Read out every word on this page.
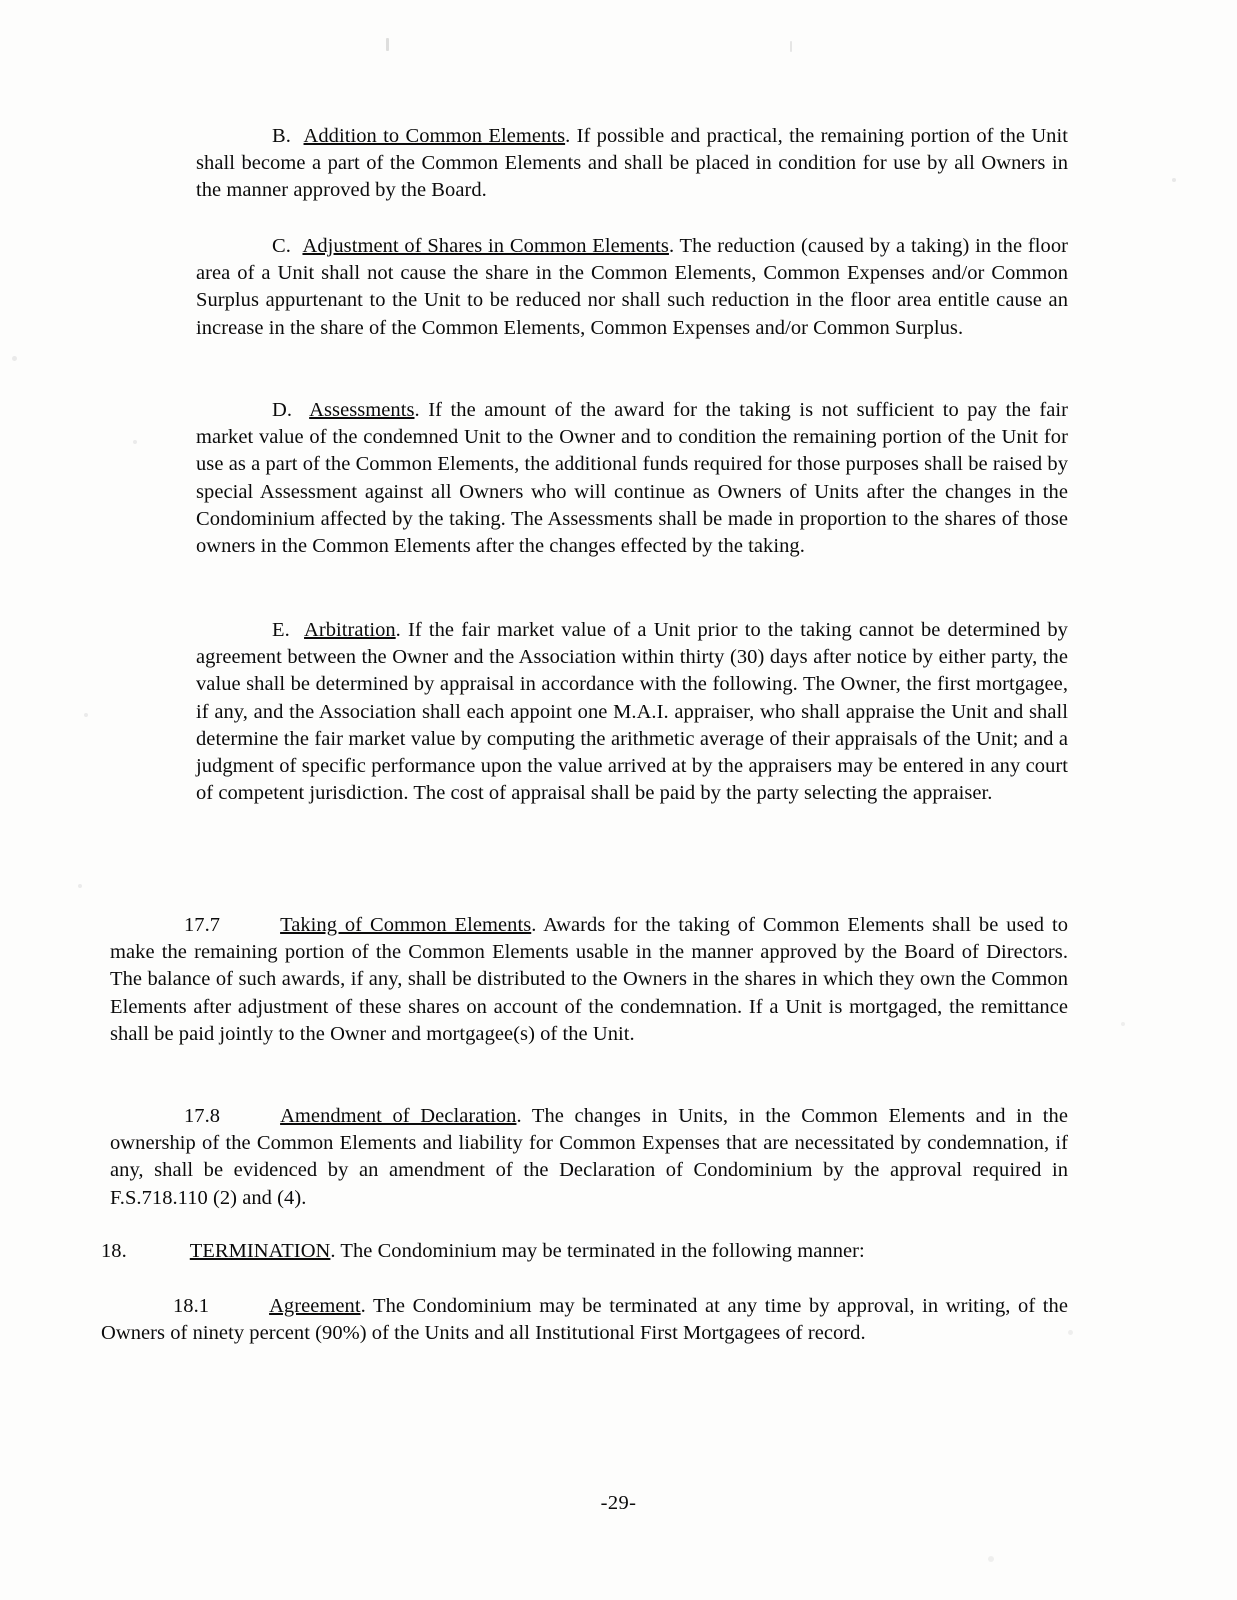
B. Addition to Common Elements. If possible and practical, the remaining portion of the Unit shall become a part of the Common Elements and shall be placed in condition for use by all Owners in the manner approved by the Board.
C. Adjustment of Shares in Common Elements. The reduction (caused by a taking) in the floor area of a Unit shall not cause the share in the Common Elements, Common Expenses and/or Common Surplus appurtenant to the Unit to be reduced nor shall such reduction in the floor area entitle cause an increase in the share of the Common Elements, Common Expenses and/or Common Surplus.
D. Assessments. If the amount of the award for the taking is not sufficient to pay the fair market value of the condemned Unit to the Owner and to condition the remaining portion of the Unit for use as a part of the Common Elements, the additional funds required for those purposes shall be raised by special Assessment against all Owners who will continue as Owners of Units after the changes in the Condominium affected by the taking. The Assessments shall be made in proportion to the shares of those owners in the Common Elements after the changes effected by the taking.
E. Arbitration. If the fair market value of a Unit prior to the taking cannot be determined by agreement between the Owner and the Association within thirty (30) days after notice by either party, the value shall be determined by appraisal in accordance with the following. The Owner, the first mortgagee, if any, and the Association shall each appoint one M.A.I. appraiser, who shall appraise the Unit and shall determine the fair market value by computing the arithmetic average of their appraisals of the Unit; and a judgment of specific performance upon the value arrived at by the appraisers may be entered in any court of competent jurisdiction. The cost of appraisal shall be paid by the party selecting the appraiser.
17.7	Taking of Common Elements. Awards for the taking of Common Elements shall be used to make the remaining portion of the Common Elements usable in the manner approved by the Board of Directors. The balance of such awards, if any, shall be distributed to the Owners in the shares in which they own the Common Elements after adjustment of these shares on account of the condemnation. If a Unit is mortgaged, the remittance shall be paid jointly to the Owner and mortgagee(s) of the Unit.
17.8	Amendment of Declaration. The changes in Units, in the Common Elements and in the ownership of the Common Elements and liability for Common Expenses that are necessitated by condemnation, if any, shall be evidenced by an amendment of the Declaration of Condominium by the approval required in F.S.718.110 (2) and (4).
18.	TERMINATION. The Condominium may be terminated in the following manner:
18.1	Agreement. The Condominium may be terminated at any time by approval, in writing, of the Owners of ninety percent (90%) of the Units and all Institutional First Mortgagees of record.
-29-
